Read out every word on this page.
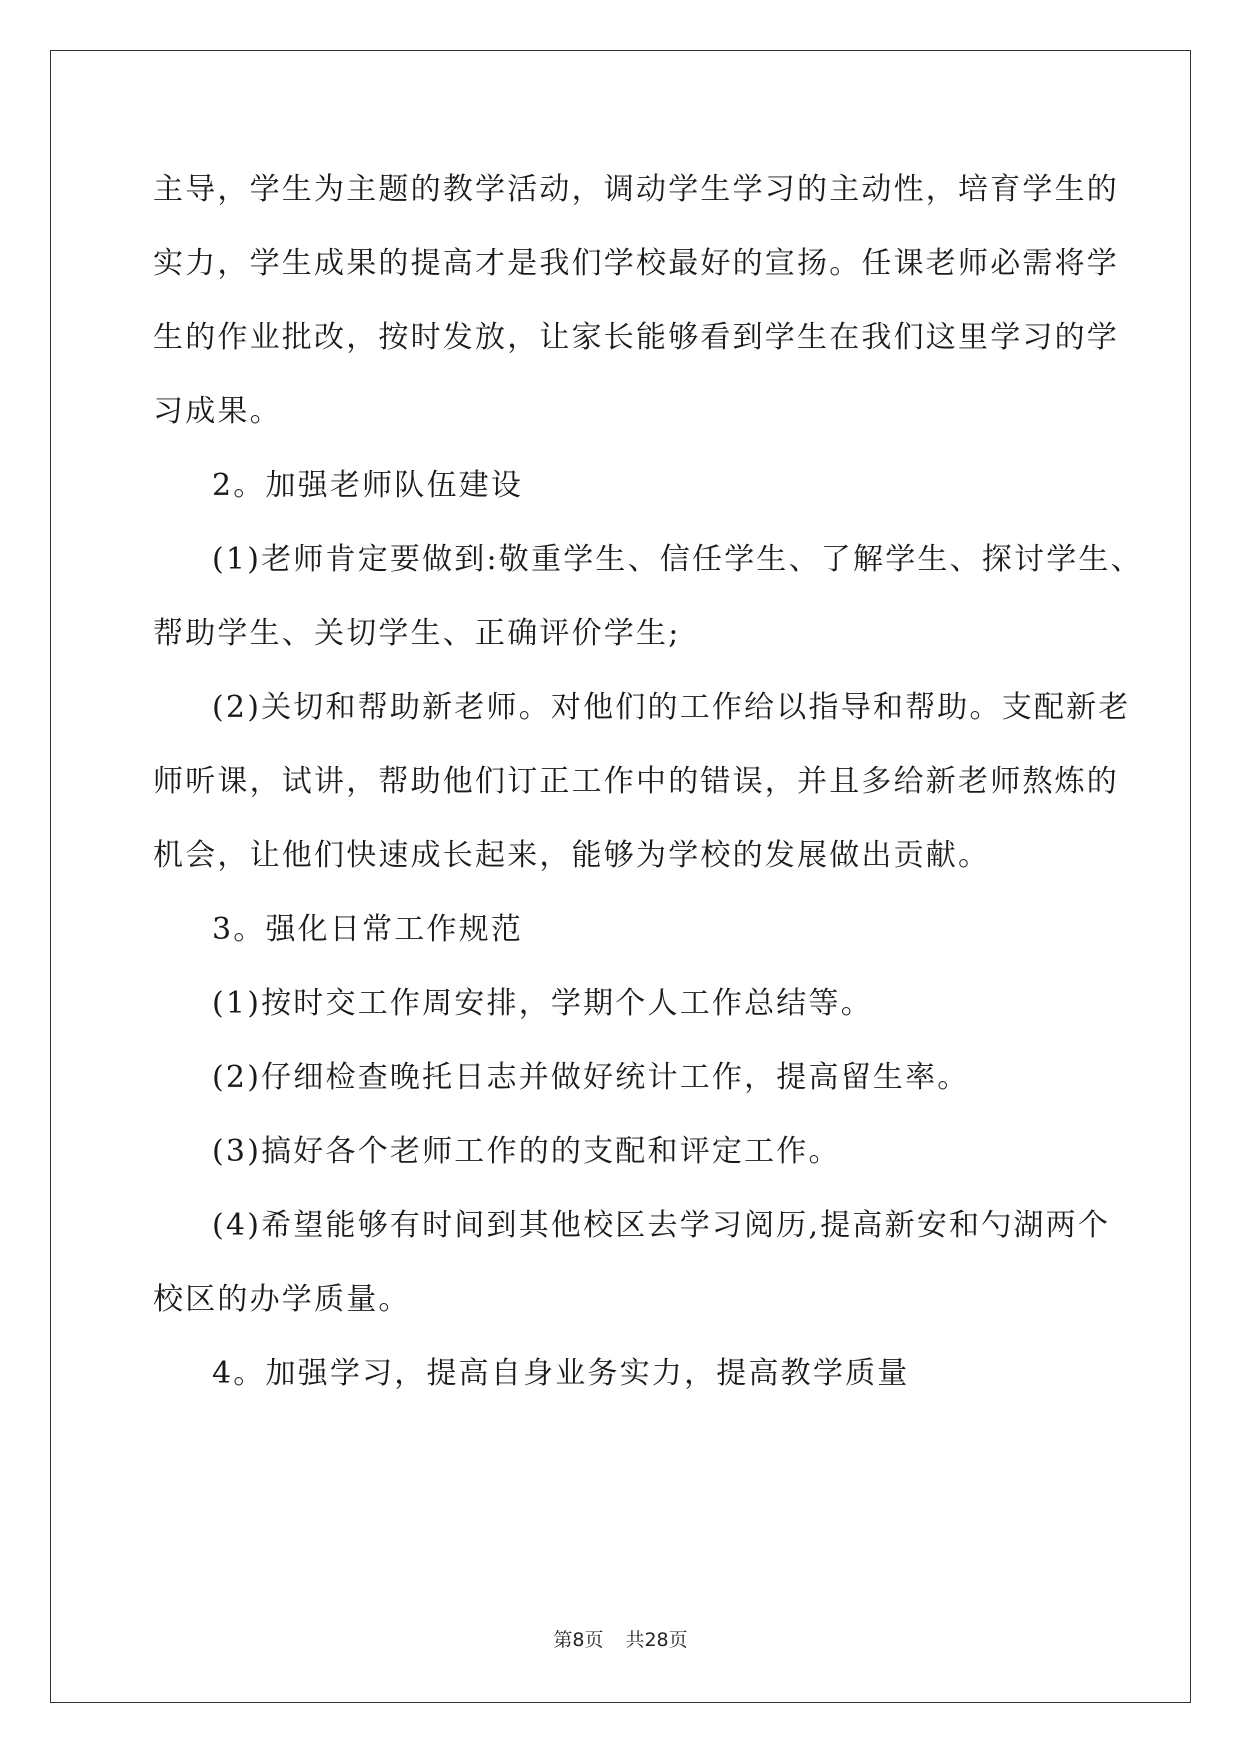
主导，学生为主题的教学活动，调动学生学习的主动性，培育学生的
实力，学生成果的提高才是我们学校最好的宣扬。任课老师必需将学
生的作业批改，按时发放，让家长能够看到学生在我们这里学习的学
习成果。
2。加强老师队伍建设
(1)老师肯定要做到:敬重学生、信任学生、了解学生、探讨学生、
帮助学生、关切学生、正确评价学生;
(2)关切和帮助新老师。对他们的工作给以指导和帮助。支配新老
师听课，试讲，帮助他们订正工作中的错误，并且多给新老师熬炼的
机会，让他们快速成长起来，能够为学校的发展做出贡献。
3。强化日常工作规范
(1)按时交工作周安排，学期个人工作总结等。
(2)仔细检查晚托日志并做好统计工作，提高留生率。
(3)搞好各个老师工作的的支配和评定工作。
(4)希望能够有时间到其他校区去学习阅历,提高新安和勺湖两个
校区的办学质量。
4。加强学习，提高自身业务实力，提高教学质量
第8页 共28页
